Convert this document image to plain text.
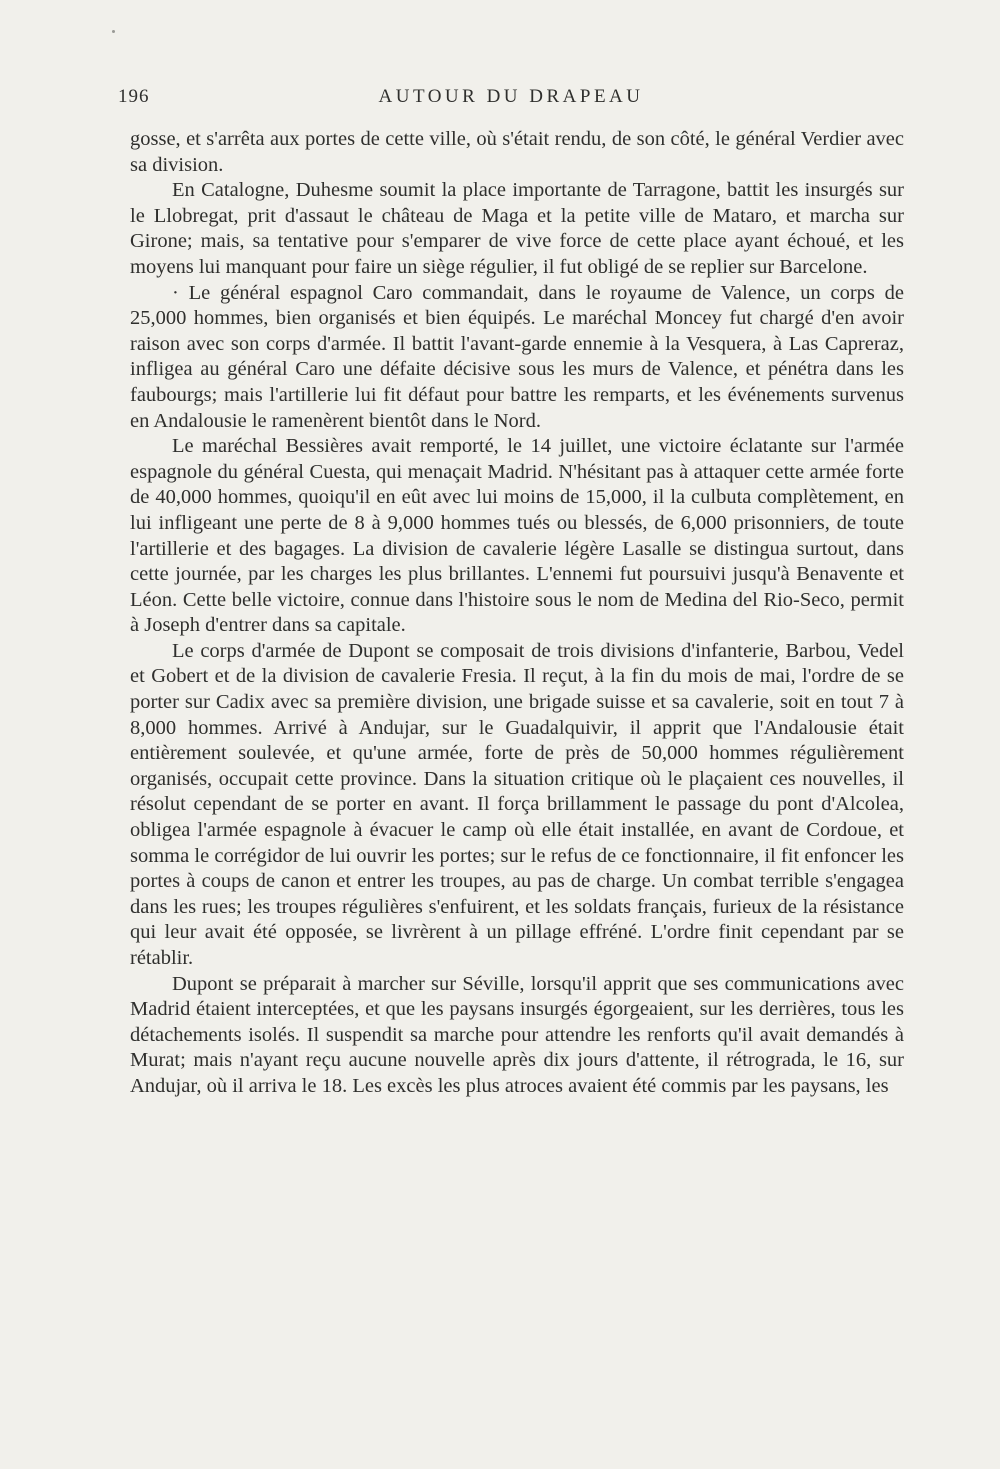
196	AUTOUR DU DRAPEAU

gosse, et s'arrêta aux portes de cette ville, où s'était rendu, de son côté, le général Verdier avec sa division.

En Catalogne, Duhesme soumit la place importante de Tarragone, battit les insurgés sur le Llobregat, prit d'assaut le château de Maga et la petite ville de Mataro, et marcha sur Girone; mais, sa tentative pour s'emparer de vive force de cette place ayant échoué, et les moyens lui manquant pour faire un siège régulier, il fut obligé de se replier sur Barcelone.

· Le général espagnol Caro commandait, dans le royaume de Valence, un corps de 25,000 hommes, bien organisés et bien équipés. Le maréchal Moncey fut chargé d'en avoir raison avec son corps d'armée. Il battit l'avant-garde ennemie à la Vesquera, à Las Capreraz, infligea au général Caro une défaite décisive sous les murs de Valence, et pénétra dans les faubourgs; mais l'artillerie lui fit défaut pour battre les remparts, et les événements survenus en Andalousie le ramenèrent bientôt dans le Nord.

Le maréchal Bessières avait remporté, le 14 juillet, une victoire éclatante sur l'armée espagnole du général Cuesta, qui menaçait Madrid. N'hésitant pas à attaquer cette armée forte de 40,000 hommes, quoiqu'il en eût avec lui moins de 15,000, il la culbuta complètement, en lui infligeant une perte de 8 à 9,000 hommes tués ou blessés, de 6,000 prisonniers, de toute l'artillerie et des bagages. La division de cavalerie légère Lasalle se distingua surtout, dans cette journée, par les charges les plus brillantes. L'ennemi fut poursuivi jusqu'à Benavente et Léon. Cette belle victoire, connue dans l'histoire sous le nom de Medina del Rio-Seco, permit à Joseph d'entrer dans sa capitale.

Le corps d'armée de Dupont se composait de trois divisions d'infanterie, Barbou, Vedel et Gobert et de la division de cavalerie Fresia. Il reçut, à la fin du mois de mai, l'ordre de se porter sur Cadix avec sa première division, une brigade suisse et sa cavalerie, soit en tout 7 à 8,000 hommes. Arrivé à Andujar, sur le Guadalquivir, il apprit que l'Andalousie était entièrement soulevée, et qu'une armée, forte de près de 50,000 hommes régulièrement organisés, occupait cette province. Dans la situation critique où le plaçaient ces nouvelles, il résolut cependant de se porter en avant. Il força brillamment le passage du pont d'Alcolea, obligea l'armée espagnole à évacuer le camp où elle était installée, en avant de Cordoue, et somma le corrégidor de lui ouvrir les portes; sur le refus de ce fonctionnaire, il fit enfoncer les portes à coups de canon et entrer les troupes, au pas de charge. Un combat terrible s'engagea dans les rues; les troupes régulières s'enfuirent, et les soldats français, furieux de la résistance qui leur avait été opposée, se livrèrent à un pillage effréné. L'ordre finit cependant par se rétablir.

Dupont se préparait à marcher sur Séville, lorsqu'il apprit que ses communications avec Madrid étaient interceptées, et que les paysans insurgés égorgeaient, sur les derrières, tous les détachements isolés. Il suspendit sa marche pour attendre les renforts qu'il avait demandés à Murat; mais n'ayant reçu aucune nouvelle après dix jours d'attente, il rétrograda, le 16, sur Andujar, où il arriva le 18. Les excès les plus atroces avaient été commis par les paysans, les
